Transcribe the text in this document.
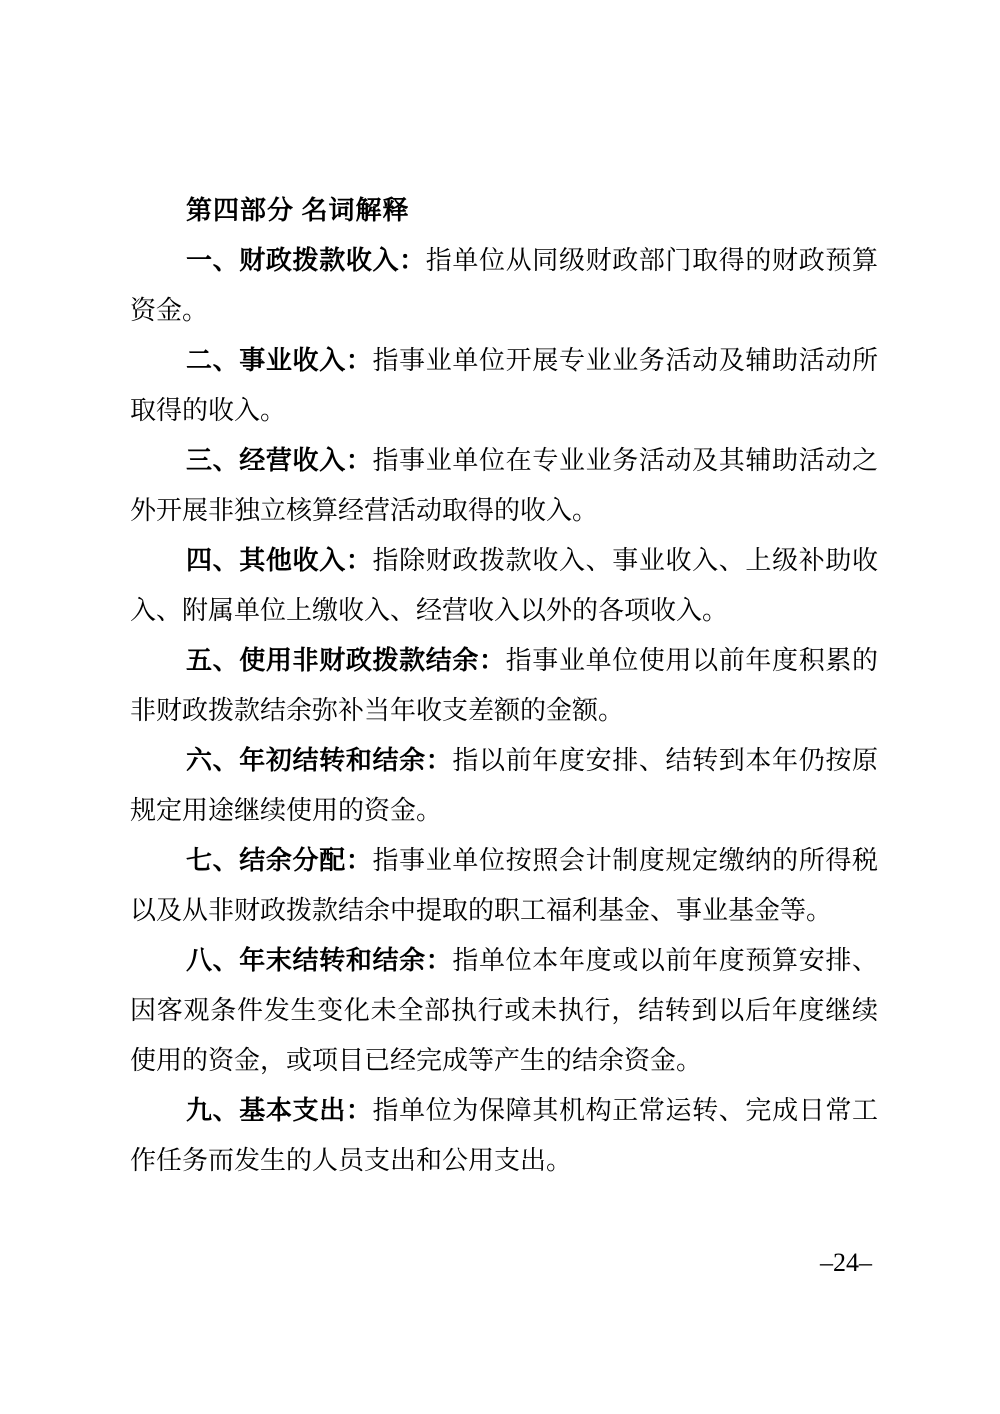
第四部分 名词解释

一、财政拨款收入：指单位从同级财政部门取得的财政预算资金。

二、事业收入：指事业单位开展专业业务活动及辅助活动所取得的收入。

三、经营收入：指事业单位在专业业务活动及其辅助活动之外开展非独立核算经营活动取得的收入。

四、其他收入：指除财政拨款收入、事业收入、上级补助收入、附属单位上缴收入、经营收入以外的各项收入。

五、使用非财政拨款结余：指事业单位使用以前年度积累的非财政拨款结余弥补当年收支差额的金额。

六、年初结转和结余：指以前年度安排、结转到本年仍按原规定用途继续使用的资金。

七、结余分配：指事业单位按照会计制度规定缴纳的所得税以及从非财政拨款结余中提取的职工福利基金、事业基金等。

八、年末结转和结余：指单位本年度或以前年度预算安排、因客观条件发生变化未全部执行或未执行，结转到以后年度继续使用的资金，或项目已经完成等产生的结余资金。

九、基本支出：指单位为保障其机构正常运转、完成日常工作任务而发生的人员支出和公用支出。

–24–
